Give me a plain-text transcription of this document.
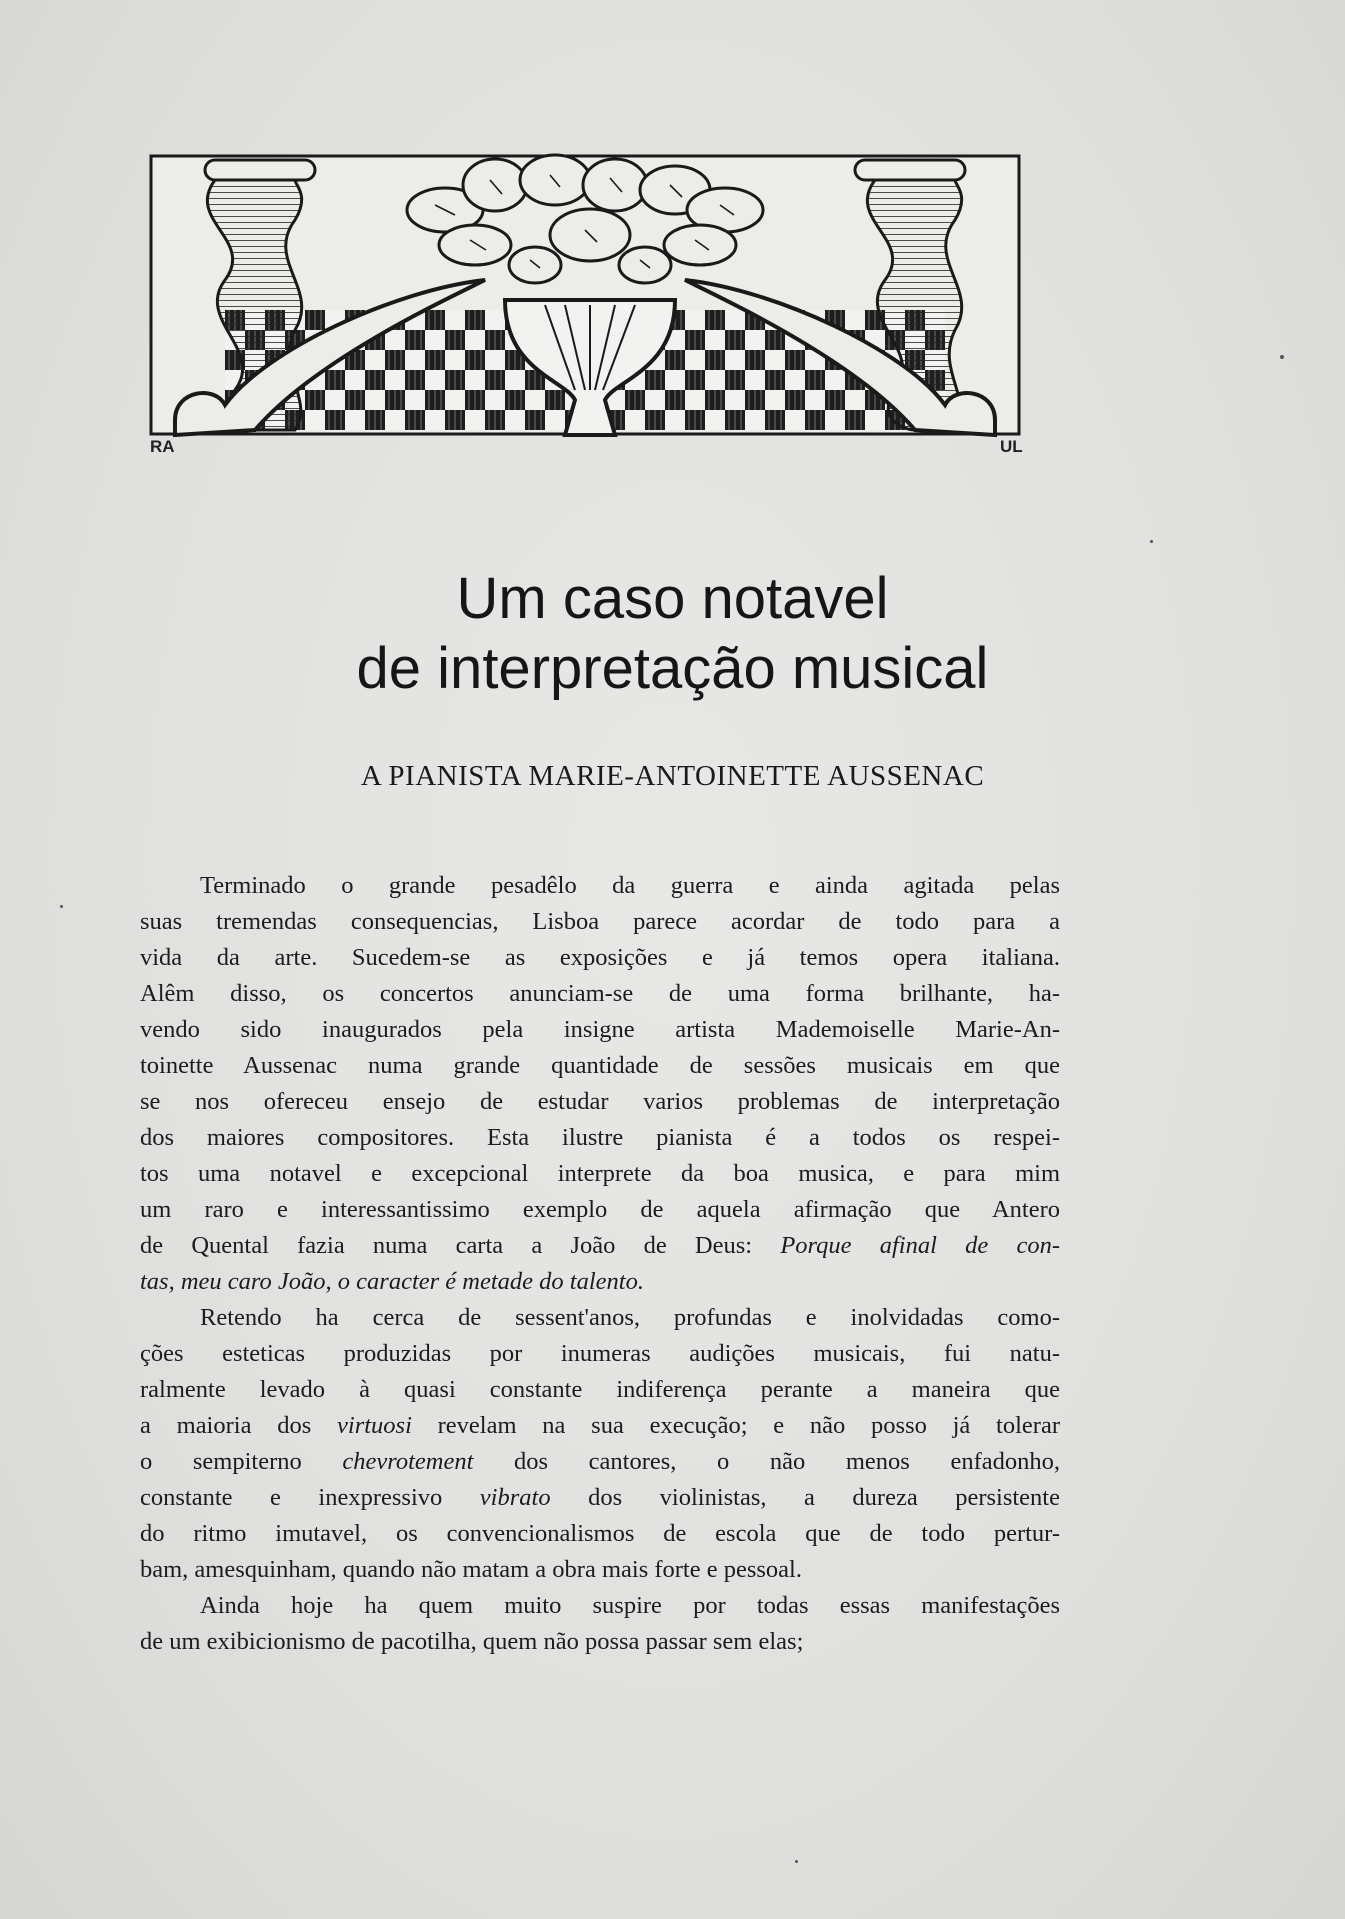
RA	UL
Um caso notavel
de interpretação musical
A PIANISTA MARIE-ANTOINETTE AUSSENAC

Terminado o grande pesadêlo da guerra e ainda agitada pelas
suas tremendas consequencias, Lisboa parece acordar de todo para a
vida da arte. Sucedem-se as exposições e já temos opera italiana.
Alêm disso, os concertos anunciam-se de uma forma brilhante, ha-
vendo sido inaugurados pela insigne artista Mademoiselle Marie-An-
toinette Aussenac numa grande quantidade de sessões musicais em que
se nos ofereceu ensejo de estudar varios problemas de interpretação
dos maiores compositores. Esta ilustre pianista é a todos os respei-
tos uma notavel e excepcional interprete da boa musica, e para mim
um raro e interessantissimo exemplo de aquela afirmação que Antero
de Quental fazia numa carta a João de Deus: Porque afinal de con-
tas, meu caro João, o caracter é metade do talento.

Retendo ha cerca de sessent'anos, profundas e inolvidadas como-
ções esteticas produzidas por inumeras audições musicais, fui natu-
ralmente levado à quasi constante indiferença perante a maneira que
a maioria dos virtuosi revelam na sua execução; e não posso já tolerar
o sempiterno chevrotement dos cantores, o não menos enfadonho,
constante e inexpressivo vibrato dos violinistas, a dureza persistente
do ritmo imutavel, os convencionalismos de escola que de todo pertur-
bam, amesquinham, quando não matam a obra mais forte e pessoal.

Ainda hoje ha quem muito suspire por todas essas manifestações
de um exibicionismo de pacotilha, quem não possa passar sem elas;
